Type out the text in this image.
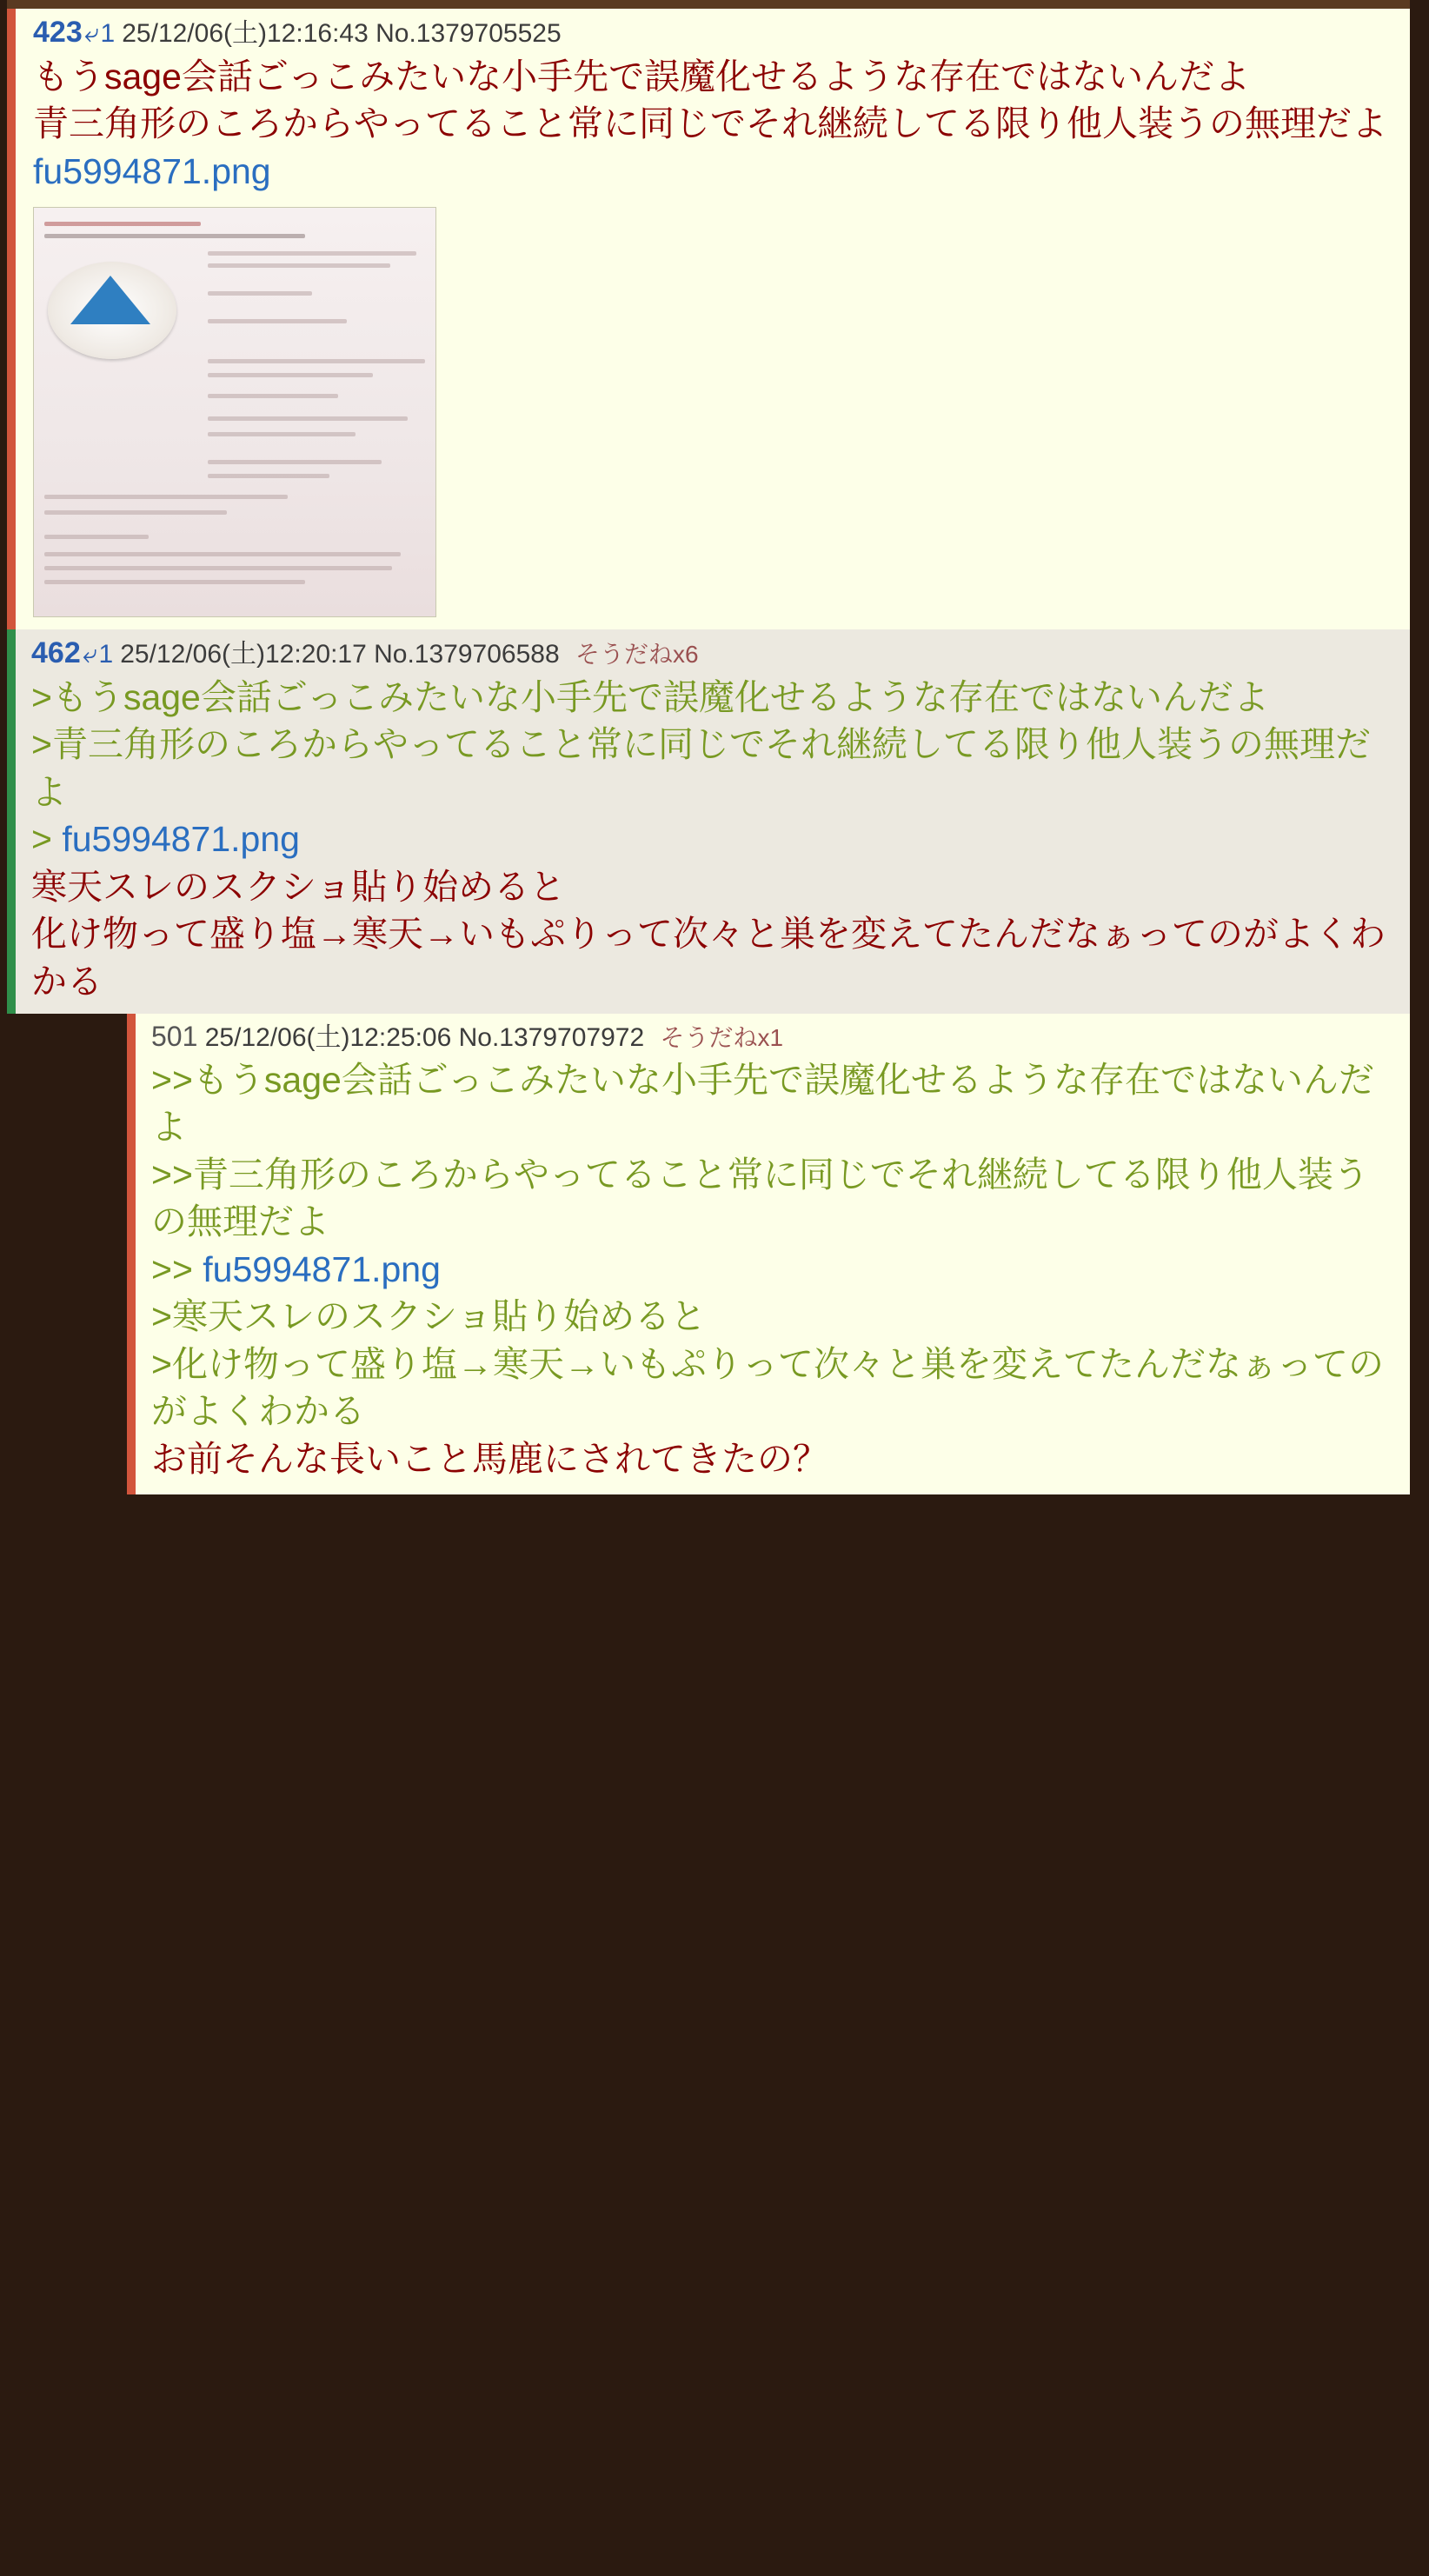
423⤷1 25/12/06(土)12:16:43 No.1379705525
もうsage会話ごっこみたいな小手先で誤魔化せるような存在ではないんだよ
青三角形のころからやってること常に同じでそれ継続してる限り他人装うの無理だよ
fu5994871.png
462⤷1 25/12/06(土)12:20:17 No.1379706588 そうだねx6
>もうsage会話ごっこみたいな小手先で誤魔化せるような存在ではないんだよ
>青三角形のころからやってること常に同じでそれ継続してる限り他人装うの無理だよ
> fu5994871.png
寒天スレのスクショ貼り始めると
化け物って盛り塩→寒天→いもぷりって次々と巣を変えてたんだなぁってのがよくわかる
501 25/12/06(土)12:25:06 No.1379707972 そうだねx1
>>もうsage会話ごっこみたいな小手先で誤魔化せるような存在ではないんだよ
>>青三角形のころからやってること常に同じでそれ継続してる限り他人装うの無理だよ
>> fu5994871.png
>寒天スレのスクショ貼り始めると
>化け物って盛り塩→寒天→いもぷりって次々と巣を変えてたんだなぁってのがよくわかる
お前そんな長いこと馬鹿にされてきたの？
